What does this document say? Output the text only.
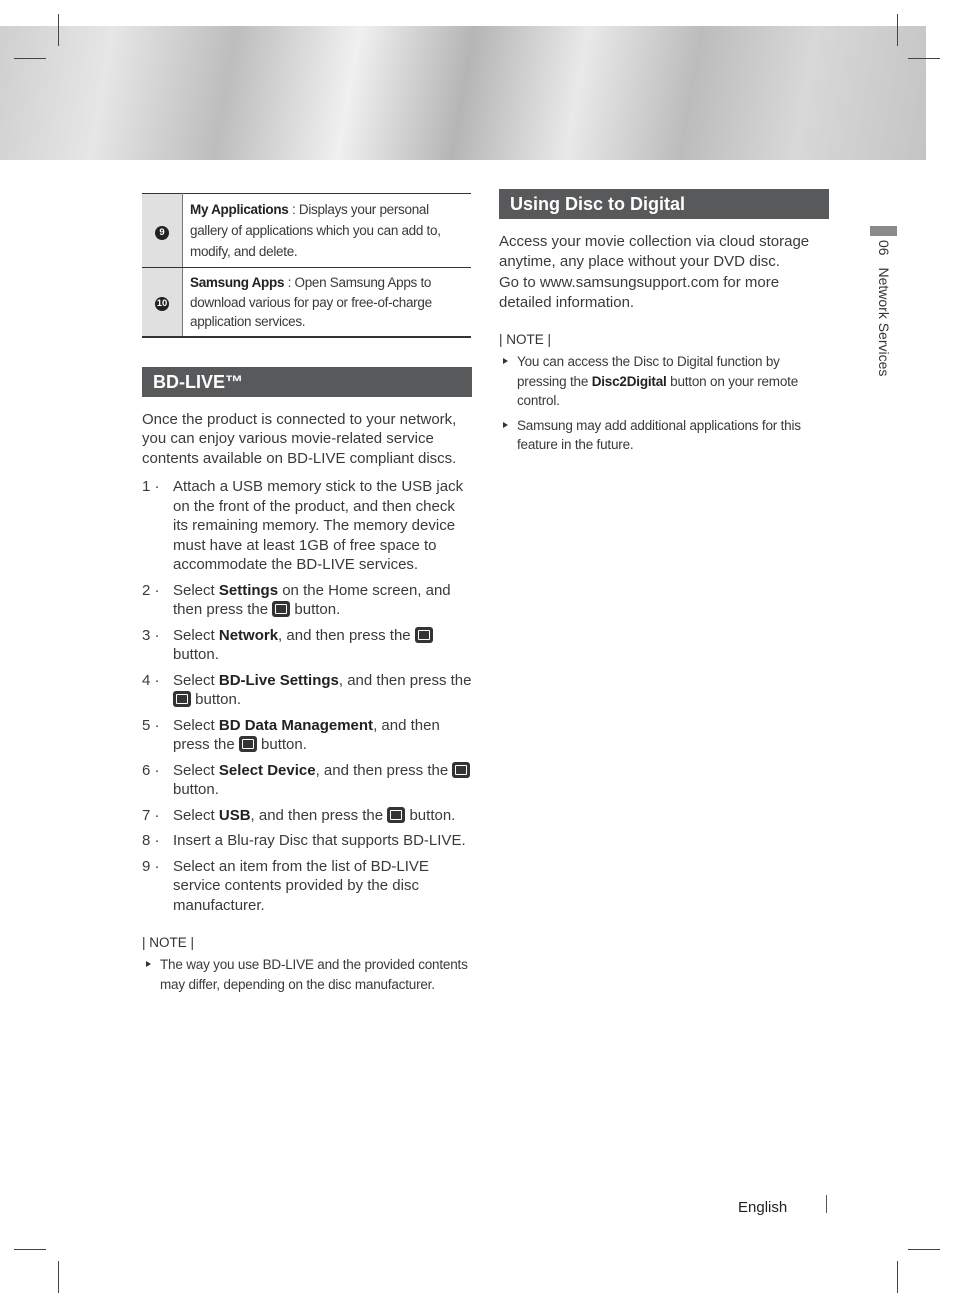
9	My Applications : Displays your personal gallery of applications which you can add to, modify, and delete.
10	Samsung Apps : Open Samsung Apps to download various for pay or free-of-charge application services.
BD-LIVE™
Once the product is connected to your network, you can enjoy various movie-related service contents available on BD-LIVE compliant discs.
1 · Attach a USB memory stick to the USB jack on the front of the product, and then check its remaining memory. The memory device must have at least 1GB of free space to accommodate the BD-LIVE services.
2 · Select Settings on the Home screen, and then press the  button.
3 · Select Network, and then press the  button.
4 · Select BD-Live Settings, and then press the  button.
5 · Select BD Data Management, and then press the  button.
6 · Select Select Device, and then press the  button.
7 · Select USB, and then press the  button.
8 · Insert a Blu-ray Disc that supports BD-LIVE.
9 · Select an item from the list of BD-LIVE service contents provided by the disc manufacturer.
| NOTE |
The way you use BD-LIVE and the provided contents may differ, depending on the disc manufacturer.
Using Disc to Digital
Access your movie collection via cloud storage anytime, any place without your DVD disc.
Go to www.samsungsupport.com for more detailed information.
| NOTE |
You can access the Disc to Digital function by pressing the Disc2Digital button on your remote control.
Samsung may add additional applications for this feature in the future.
06 Network Services
English
